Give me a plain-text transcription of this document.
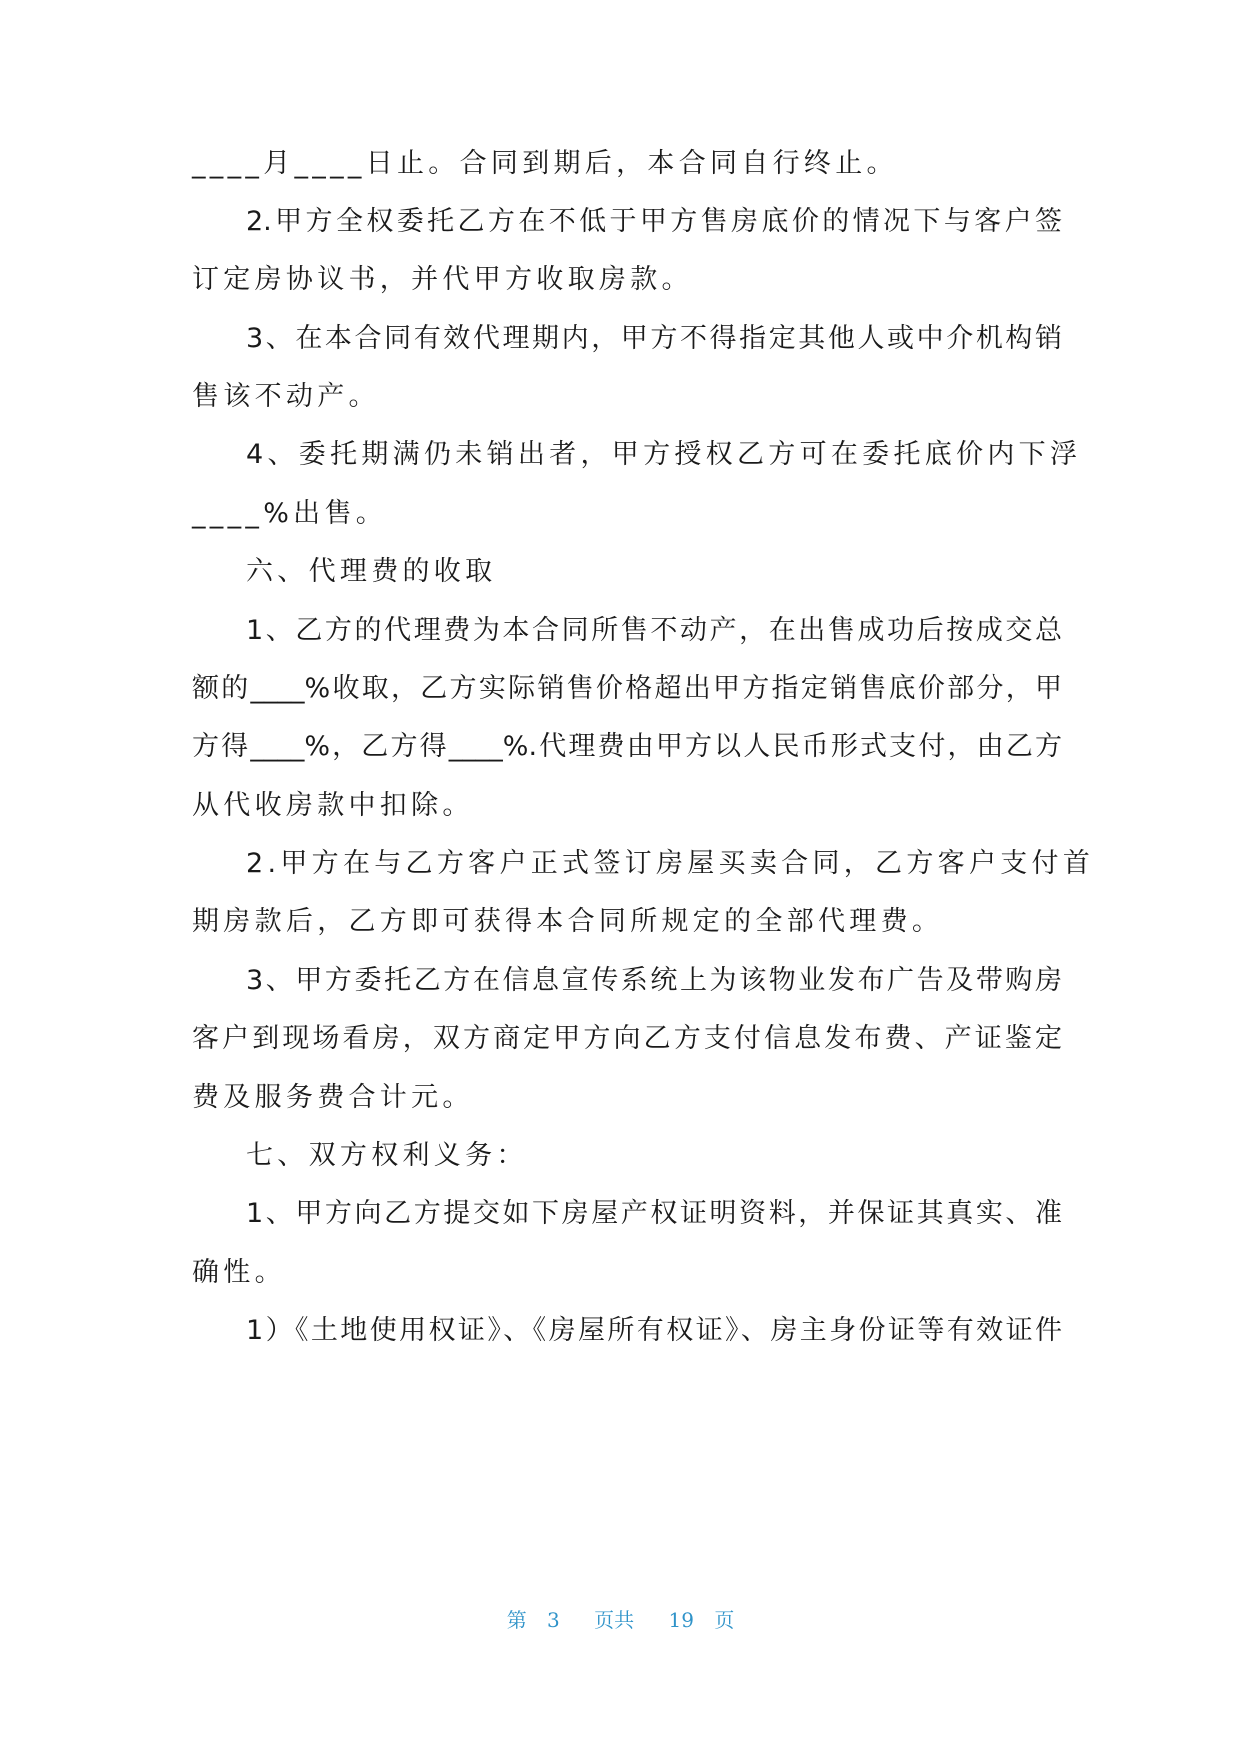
____月____日止。合同到期后，本合同自行终止。
2.甲方全权委托乙方在不低于甲方售房底价的情况下与客户签
订定房协议书，并代甲方收取房款。
3、在本合同有效代理期内，甲方不得指定其他人或中介机构销
售该不动产。
4、委托期满仍未销出者，甲方授权乙方可在委托底价内下浮
____%出售。
六、代理费的收取
1、乙方的代理费为本合同所售不动产，在出售成功后按成交总
额的____%收取，乙方实际销售价格超出甲方指定销售底价部分，甲
方得____%，乙方得____%.代理费由甲方以人民币形式支付，由乙方
从代收房款中扣除。
2.甲方在与乙方客户正式签订房屋买卖合同，乙方客户支付首
期房款后，乙方即可获得本合同所规定的全部代理费。
3、甲方委托乙方在信息宣传系统上为该物业发布广告及带购房
客户到现场看房，双方商定甲方向乙方支付信息发布费、产证鉴定
费及服务费合计元。
七、双方权利义务：
1、甲方向乙方提交如下房屋产权证明资料，并保证其真实、准
确性。
1）《土地使用权证》、《房屋所有权证》、房主身份证等有效证件
第 3 页共 19 页
